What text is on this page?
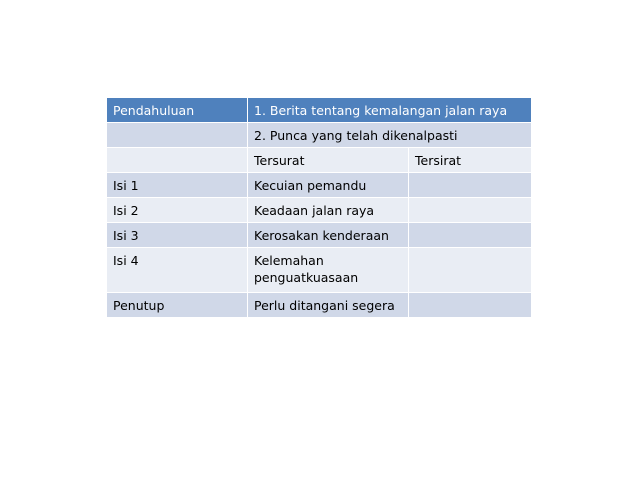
Pendahuluan	1. Berita tentang kemalangan jalan raya	
	2. Punca yang telah dikenalpasti	
	Tersurat	Tersirat
Isi 1	Kecuian pemandu	
Isi 2	Keadaan jalan raya	
Isi 3	Kerosakan kenderaan	
Isi 4	Kelemahan penguatkuasaan	
Penutup	Perlu ditangani segera	
